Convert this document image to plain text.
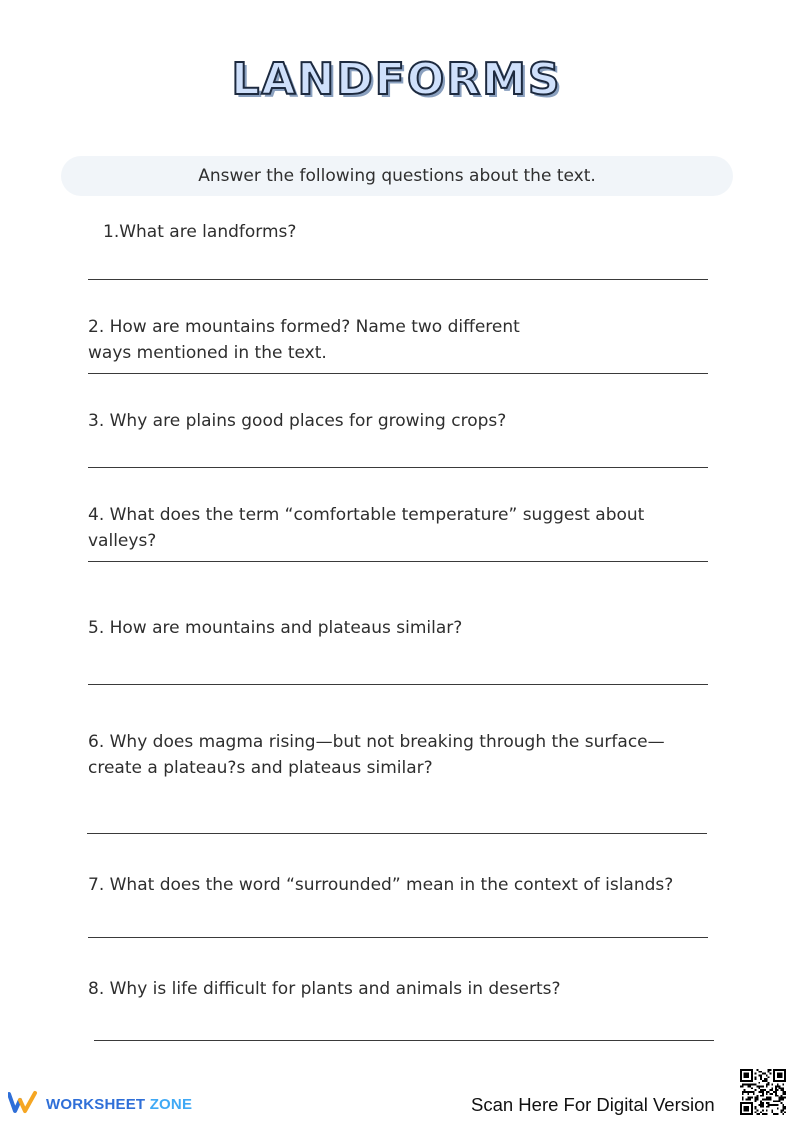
LANDFORMS
Answer the following questions about the text.

1.What are landforms?

2. How are mountains formed? Name two different
ways mentioned in the text.

3. Why are plains good places for growing crops?

4. What does the term “comfortable temperature” suggest about
valleys?

5. How are mountains and plateaus similar?

6. Why does magma rising—but not breaking through the surface—
create a plateau?s and plateaus similar?

7. What does the word “surrounded” mean in the context of islands?

8. Why is life difficult for plants and animals in deserts?

WORKSHEET ZONE	Scan Here For Digital Version
